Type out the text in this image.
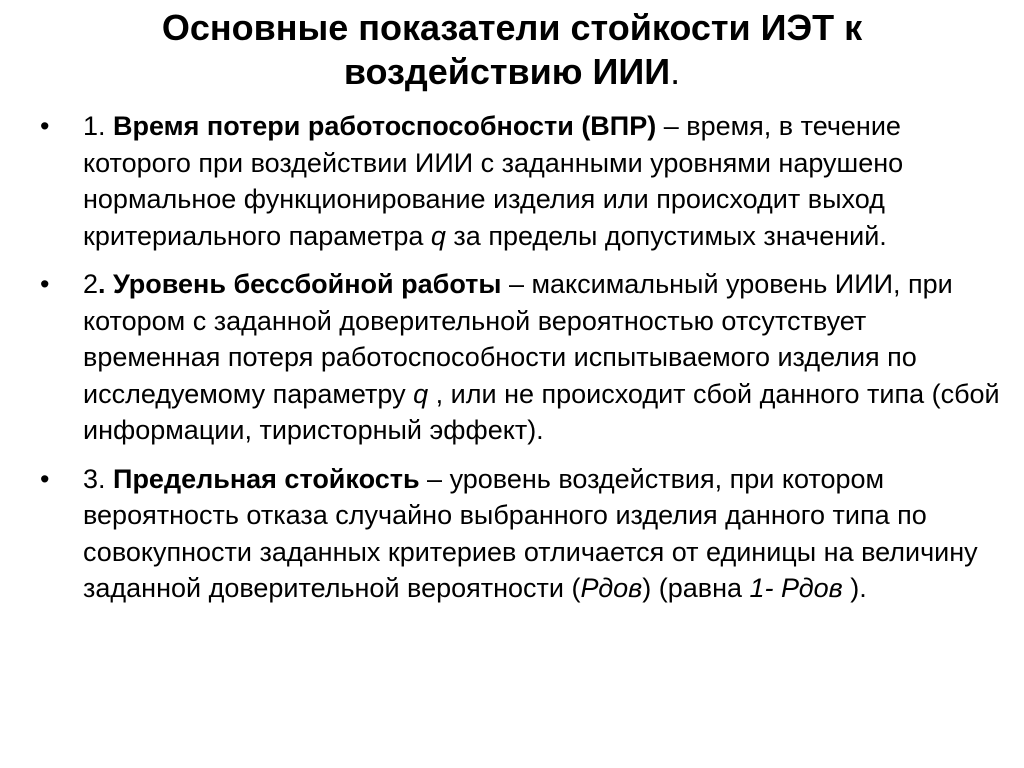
Основные показатели стойкости ИЭТ к
воздействию ИИИ.
• 1. Время потери работоспособности (ВПР) – время, в течение которого при воздействии ИИИ с заданными уровнями нарушено нормальное функционирование изделия или происходит выход критериального параметра q за пределы допустимых значений.
• 2. Уровень бессбойной работы – максимальный уровень ИИИ, при котором с заданной доверительной вероятностью отсутствует временная потеря работоспособности испытываемого изделия по исследуемому параметру q , или не происходит сбой данного типа (сбой информации, тиристорный эффект).
• 3. Предельная стойкость – уровень воздействия, при котором вероятность отказа случайно выбранного изделия данного типа по совокупности заданных критериев отличается от единицы на величину заданной доверительной вероятности (Рдов) (равна 1- Рдов ).
